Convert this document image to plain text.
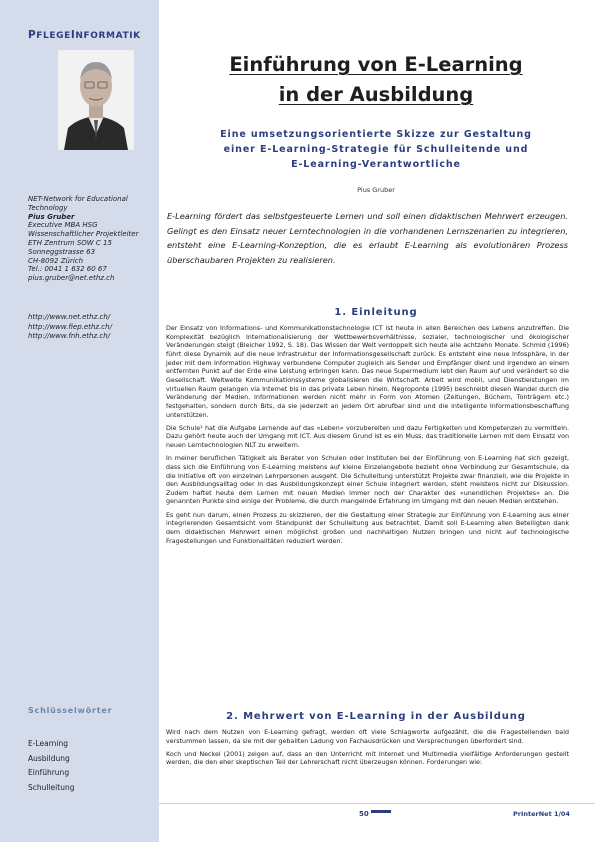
PFLEGEINFORMATIK
NET-Network for Educational
Technology
Pius Gruber
Executive MBA HSG
Wissenschaftlicher Projektleiter
ETH Zentrum SOW C 15
Sonneggstrasse 63
CH-8092 Zürich
Tel.: 0041 1 632 60 67
pius.gruber@net.ethz.ch
http://www.net.ethz.ch/
http://www.fiep.ethz.ch/
http://www.fnh.ethz.ch/
Schlüsselwörter
E-Learning
Ausbildung
Einführung
Schulleitung
Einführung von E-Learning
in der Ausbildung
Eine umsetzungsorientierte Skizze zur Gestaltung
einer E-Learning-Strategie für Schulleitende und
E-Learning-Verantwortliche
Pius Gruber
E-Learning fördert das selbstgesteuerte Lernen und soll einen didaktischen Mehrwert erzeugen. Gelingt es den Einsatz neuer Lerntechnologien in die vorhandenen Lernszenarien zu integrieren, entsteht eine E-Learning-Konzeption, die es erlaubt E-Learning als evolutionären Prozess überschaubaren Projekten zu realisieren.
1. Einleitung

Der Einsatz von Informations- und Kommunikationstechnologie ICT ist heute in allen Bereichen des Lebens anzutreffen. Die Komplexität bezüglich Internationalisierung der Wettbewerbsverhältnisse, sozialer, technologischer und ökologischer Veränderungen steigt (Bleicher 1992, S. 18). Das Wissen der Welt verdoppelt sich heute alle achtzehn Monate. Schmid (1996) führt diese Dynamik auf die neue Infrastruktur der Informationsgesellschaft zurück. Es entsteht eine neue Infosphäre, in der jeder mit dem Information Highway verbundene Computer zugleich als Sender und Empfänger dient und irgendwo an einem entfernten Punkt auf der Erde eine Leistung erbringen kann. Das neue Supermedium lebt den Raum auf und verändert so die Gesellschaft. Weltweite Kommunikationssysteme globalisieren die Wirtschaft. Arbeit wird mobil, und Dienstleistungen im virtuellen Raum gelangen via Internet bis in das private Leben hinein. Negroponte (1995) beschreibt diesen Wandel durch die Veränderung der Medien. Informationen werden nicht mehr in Form von Atomen (Zeitungen, Büchern, Tonträgern etc.) festgehalten, sondern durch Bits, da sie jederzeit an jedem Ort abrufbar sind und die intelligente Informationsbeschaffung unterstützen.

Die Schule¹ hat die Aufgabe Lernende auf das «Leben» vorzubereiten und dazu Fertigkeiten und Kompetenzen zu vermitteln. Dazu gehört heute auch der Umgang mit ICT. Aus diesem Grund ist es ein Muss, das traditionelle Lernen mit dem Einsatz von neuen Lerntechnologien NLT zu erweitern.

In meiner beruflichen Tätigkeit als Berater von Schulen oder Instituten bei der Einführung von E-Learning hat sich gezeigt, dass sich die Einführung von E-Learning meistens auf kleine Einzelangebote bezieht ohne Verbindung zur Gesamtschule, da die Initiative oft von einzelnen Lehrpersonen ausgeht. Die Schulleitung unterstützt Projekte zwar finanziell, wie die Projekte in den Ausbildungsalltag oder in das Ausbildungskonzept einer Schule integriert werden, steht meistens nicht zur Diskussion. Zudem haftet heute dem Lernen mit neuen Medien immer noch der Charakter des «unendlichen Projektes» an. Die genannten Punkte sind einige der Probleme, die durch mangelnde Erfahrung im Umgang mit den neuen Medien entstehen.

Es geht nun darum, einen Prozess zu skizzieren, der die Gestaltung einer Strategie zur Einführung von E-Learning aus einer integrierenden Gesamtsicht vom Standpunkt der Schulleitung aus betrachtet. Damit soll E-Learning allen Beteiligten dank dem didaktischen Mehrwert einen möglichst großen und nachhaltigen Nutzen bringen und nicht auf technologische Fragestellungen und Funktionalitäten reduziert werden.

2. Mehrwert von E-Learning in der Ausbildung

Wird nach dem Nutzen von E-Learning gefragt, werden oft viele Schlagworte aufgezählt, die die Fragestellenden bald verstummen lassen, da sie mit der geballten Ladung von Fachausdrücken und Versprechungen überfordert sind.

Koch und Neckel (2001) zeigen auf, dass an den Unterricht mit Internet und Multimedia vielfältige Anforderungen gestellt werden, die den eher skeptischen Teil der Lehrerschaft nicht überzeugen können. Forderungen wie:

50	PrInterNet 1/04
